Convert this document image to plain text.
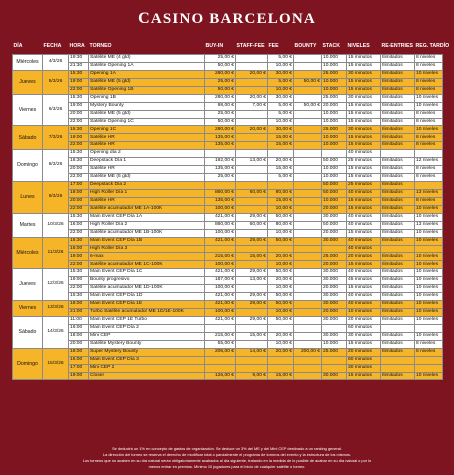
CASINO BARCELONA
DÍA	FECHA	HORA	TORNEO	BUY-IN	STAFF-FEE	FEE	BOUNTY	STACK	NIVELES	RE-ENTRIES	REG. TARDÍO
Miércoles	4/3/26	19:30	Satélite ME (4 gtd)	25,00 €		5,00 €		10.000	15 minutos	Ilimitados	8 niveles
		21:30	Satélite Opening 1A	50,00 €		10,00 €		10.000	15 minutos	Ilimitados	8 niveles
Jueves	5/3/26	15:30	Opening 1A	280,00 €	20,00 €	30,00 €		25.000	30 minutos	Ilimitados	10 niveles
		19:00	Satélite ME (5 gtd)	25,00 €		5,00 €	50,00 €	10.000	15 minutos	Ilimitados	8 niveles
		22:00	Satélite Opening 1B	50,00 €		10,00 €		10.000	15 minutos	Ilimitados	8 niveles
Viernes	6/3/26	15:30	Opening 1B	280,00 €	20,00 €	30,00 €		25.000	30 minutos	Ilimitados	10 niveles
		19:00	Mystery Bounty	98,00 €	7,00 €	5,00 €	50,00 €	20.000	15 minutos	Ilimitados	10 niveles
		20:00	Satélite ME (5 gtd)	25,00 €		5,00 €		10.000	15 minutos	Ilimitados	8 niveles
		22:00	Satélite Opening 1C	50,00 €		10,00 €		10.000	15 minutos	Ilimitados	8 niveles
Sábado	7/3/26	15:30	Opening 1C	280,00 €	20,00 €	30,00 €		25.000	30 minutos	Ilimitados	10 niveles
		19:00	Satélite HR	135,00 €		15,00 €		10.000	15 minutos	Ilimitados	8 niveles
		22:00	Satélite HR	135,00 €		15,00 €		10.000	15 minutos	Ilimitados	8 niveles
Domingo	8/3/26	15:30	Opening día 2						40 minutos		
		16:30	Deepstack Día 1	192,00 €	13,00 €	20,00 €		50.000	25 minutos	Ilimitados	12 niveles
		20:00	Satélite HR	135,00 €		15,00 €		10.000	15 minutos	Ilimitados	8 niveles
		22:00	Satélite ME (5 gtd)	25,00 €		5,00 €		10.000	15 minutos	Ilimitados	8 niveles
Lunes	9/3/26	17:00	Deepstack Día 2					50.000	25 minutos	Ilimitados	
		18:00	High Roller Día 1	860,00 €	60,00 €	80,00 €		50.000	40 minutos	Ilimitados	13 niveles
		20:00	Satélite HR	135,00 €		15,00 €		10.000	15 minutos	Ilimitados	8 niveles
		22:00	Satélite acumulador ME 1A-100K	100,00 €		10,00 €		20.000	15 minutos	Ilimitados	10 niveles
Martes	10/3/26	15:30	Main Event CEP Día 1A	421,00 €	29,00 €	50,00 €		30.000	40 minutos	Ilimitados	10 niveles
		16:00	High Roller Día 2	860,00 €	60,00 €	80,00 €		50.000	40 minutos	Ilimitados	13 niveles
		22:00	Satélite acumulador ME 1B-100K	100,00 €		10,00 €		20.000	15 minutos	Ilimitados	10 niveles
Miércoles	11/3/26	15:30	Main Event CEP Día 1B	421,00 €	29,00 €	50,00 €		30.000	40 minutos	Ilimitados	10 niveles
		16:00	High Roller Día 3						40 minutos		
		19:00	6-max	215,00 €	15,00 €	20,00 €		25.000	20 minutos	Ilimitados	10 niveles
		22:00	Satélite acumulador ME 1C-100K	100,00 €		10,00 €		20.000	15 minutos	Ilimitados	10 niveles
Jueves	12/3/26	15:30	Main Event CEP Día 1C	421,00 €	29,00 €	50,00 €		30.000	40 minutos	Ilimitados	10 niveles
		19:00	Bounty progresivo	187,00 €	13,00 €	20,00 €		30.000	45 minutos	Ilimitados	10 niveles
		22:00	Satélite acumulador ME 1D-100K	100,00 €		10,00 €		20.000	15 minutos	Ilimitados	10 niveles
		15:30	Main Event CEP Día 1D	421,00 €	29,00 €	50,00 €		30.000	40 minutos	Ilimitados	10 niveles
Viernes	13/3/26	18:00	Main Event CEP Día 1E	421,00 €	29,00 €	50,00 €		30.000	40 minutos	Ilimitados	10 niveles
		21:00	Turbo Satélite acumulador ME 1D/1E-100K	100,00 €		10,00 €		20.000	10 minutos	Ilimitados	10 niveles
Sábado	14/3/26	11:00	Main Event CEP 1E Turbo	421,00 €	29,00 €	50,00 €		30.000	20 minutos	Ilimitados	10 niveles
		16:00	Main Event CEP Día 2						60 minutos		
		18:00	Mini CEP	215,00 €	15,00 €	20,00 €		30.000	30 minutos	Ilimitados	10 niveles
		20:00	Satélite Mystery Bounty	55,00 €		10,00 €		10.000	15 minutos	Ilimitados	8 niveles
Domingo	15/3/26	18:00	Super Mystery Bounty	206,00 €	14,00 €	20,00 €	200,00 €	25.000	20 minutos	Ilimitados	8 niveles
		16:00	Main Event CEP Día 3						60 minutos		
		17:00	Mini CEP 2						30 minutos		
		19:00	Closer	126,00 €	9,00 €	15,00 €		30.000	15 minutos	Ilimitados	10 niveles
Se deducirá un 1% en concepto de gastos de organización. Se deduce un 3% del ME y del Mini CEP destinado a un ranking general.
La dirección del torneo se reserva el derecho de modificar total o parcialmente el programa de torneos del evento y la estructura de los mismos.
Los torneos que no acaben en su día natural serán obligatoriamente acabados al día siguiente, tratando en la medida de lo posible de acabar en su día natural o por lo
menos entrar en premios. Mínimo 10 jugadores para el inicio de cualquier satélite o torneo.
